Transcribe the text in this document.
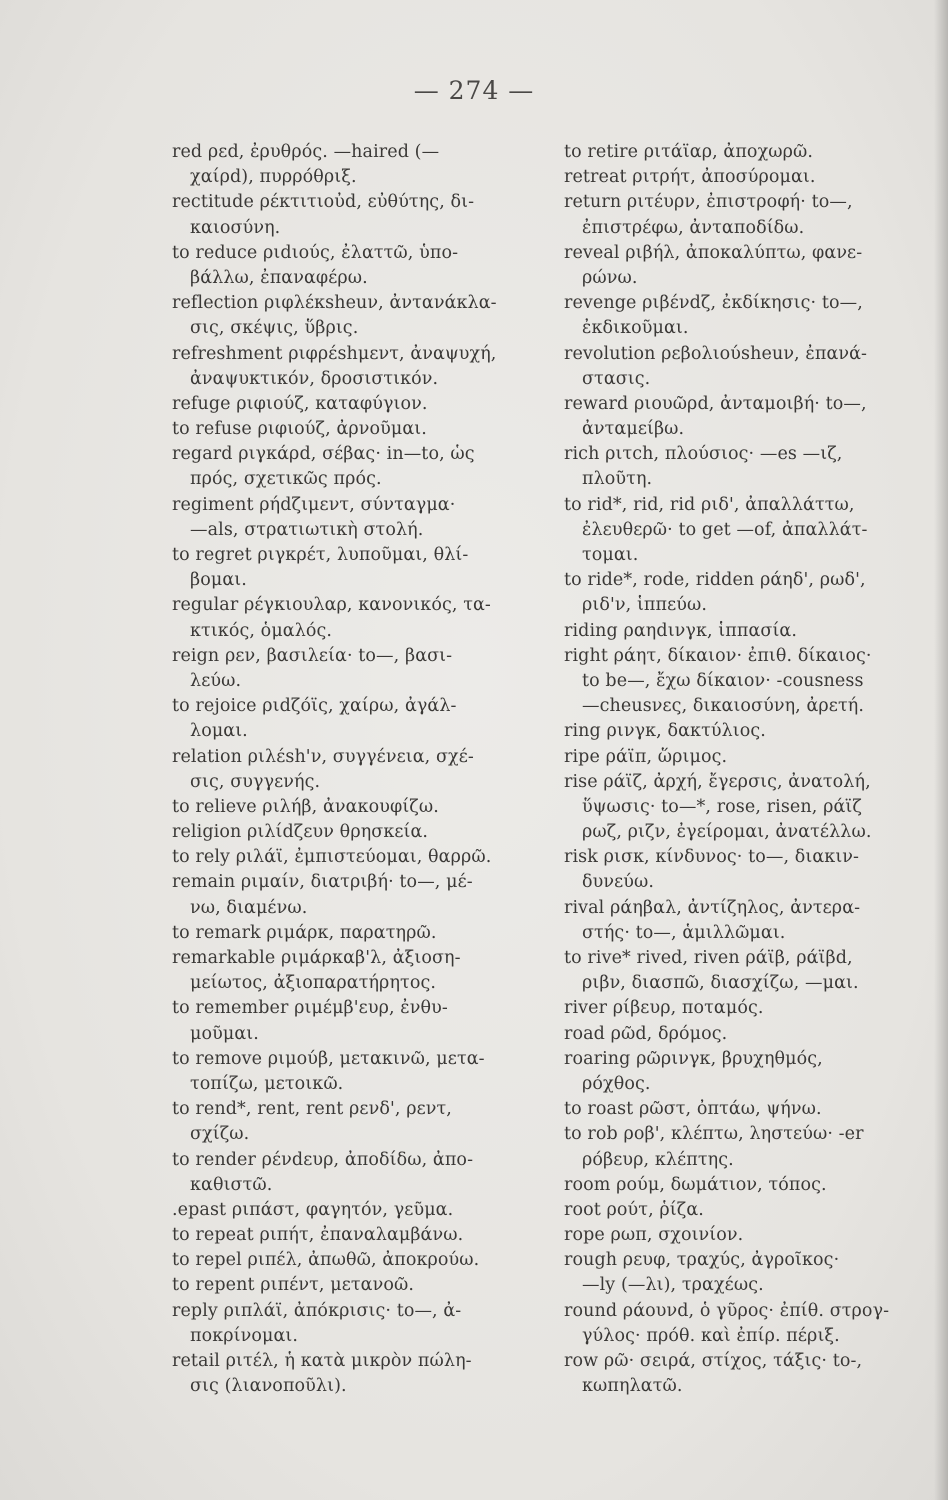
— 274 —
red ρεd, ἐρυθρός. —haired (—
χαίρd), πυρρόθριξ.
rectitude ρέκτιτιοὐd, εὐθύτης, δι-
καιοσύνη.
to reduce ριdιούς, ἐλαττῶ, ὑπο-
βάλλω, ἐπαναφέρω.
reflection ριφλέκsheuν, ἀντανάκλα-
σις, σκέψις, ὕβρις.
refreshment ριφρέshμεντ, ἀναψυχή,
ἀναψυκτικόν, δροσιστικόν.
refuge ριφιούζ, καταφύγιον.
to refuse ριφιούζ, ἀρνοῦμαι.
regard ριγκάρd, σέβας· in—to, ὡς
πρός, σχετικῶς πρός.
regiment ρήdζιμεντ, σύνταγμα·
—als, στρατιωτικὴ στολή.
to regret ριγκρέτ, λυποῦμαι, θλί-
βομαι.
regular ρέγκιουλαρ, κανονικός, τα-
κτικός, ὁμαλός.
reign ρεν, βασιλεία· to—, βασι-
λεύω.
to rejoice ριdζόϊς, χαίρω, ἀγάλ-
λομαι.
relation ριλέsh'ν, συγγένεια, σχέ-
σις, συγγενής.
to relieve ριλήβ, ἀνακουφίζω.
religion ριλίdζευν θρησκεία.
to rely ριλάϊ, ἐμπιστεύομαι, θαρρῶ.
remain ριμαίν, διατριβή· to—, μέ-
νω, διαμένω.
to remark ριμάρκ, παρατηρῶ.
remarkable ριμάρκαβ'λ, ἀξιοση-
μείωτος, ἀξιοπαρατήρητος.
to remember ριμέμβ'ευρ, ἐνθυ-
μοῦμαι.
to remove ριμούβ, μετακινῶ, μετα-
τοπίζω, μετοικῶ.
to rend*, rent, rent ρενδ', ρεντ,
σχίζω.
to render ρένdευρ, ἀποδίδω, ἀπο-
καθιστῶ.
.epast ριπάστ, φαγητόν, γεῦμα.
to repeat ριπήτ, ἐπαναλαμβάνω.
to repel ριπέλ, ἀπωθῶ, ἀποκρούω.
to repent ριπέντ, μετανοῶ.
reply ριπλάϊ, ἀπόκρισις· to—, ἀ-
ποκρίνομαι.
retail ριτέλ, ἡ κατὰ μικρὸν πώλη-
σις (λιανοποῦλι).
to retire ριτάϊαρ, ἀποχωρῶ.
retreat ριτρήτ, ἀποσύρομαι.
return ριτέυρν, ἐπιστροφή· to—,
ἐπιστρέφω, ἀνταποδίδω.
reveal ριβήλ, ἀποκαλύπτω, φανε-
ρώνω.
revenge ριβένdζ, ἐκδίκησις· to—,
ἐκδικοῦμαι.
revolution ρεβολιούsheuν, ἐπανά-
στασις.
reward ριουῶρd, ἀνταμοιβή· to—,
ἀνταμείβω.
rich ριτch, πλούσιος· —es —ιζ,
πλοῦτη.
to rid*, rid, rid ριδ', ἀπαλλάττω,
ἐλευθερῶ· to get —of, ἀπαλλάτ-
τομαι.
to ride*, rode, ridden ράηδ', ρωδ',
ριδ'ν, ἱππεύω.
riding ραηdινγκ, ἱππασία.
right ράητ, δίκαιον· ἐπιθ. δίκαιος·
to be—, ἔχω δίκαιον· -cousness
—cheusνες, δικαιοσύνη, ἀρετή.
ring ρινγκ, δακτύλιος.
ripe ράϊπ, ὥριμος.
rise ράϊζ, ἀρχή, ἔγερσις, ἀνατολή,
ὕψωσις· to—*, rose, risen, ράϊζ
ρωζ, ριζν, ἐγείρομαι, ἀνατέλλω.
risk ρισκ, κίνδυνος· to—, διακιν-
δυνεύω.
rival ράηβαλ, ἀντίζηλος, ἀντερα-
στής· to—, ἁμιλλῶμαι.
to rive* rived, riven ράϊβ, ράϊβd,
ριβν, διασπῶ, διασχίζω, —μαι.
river ρίβευρ, ποταμός.
road ρῶd, δρόμος.
roaring ρῶρινγκ, βρυχηθμός,
ρόχθος.
to roast ρῶστ, ὀπτάω, ψήνω.
to rob ροβ', κλέπτω, ληστεύω· -er
ρόβευρ, κλέπτης.
room ρούμ, δωμάτιον, τόπος.
root ρούτ, ῥίζα.
rope ρωπ, σχοινίον.
rough ρευφ, τραχύς, ἀγροῖκος·
—ly (—λι), τραχέως.
round ράουνd, ὁ γῦρος· ἐπίθ. στρογ-
γύλος· πρόθ. καὶ ἐπίρ. πέριξ.
row ρῶ· σειρά, στίχος, τάξις· to-,
κωπηλατῶ.
